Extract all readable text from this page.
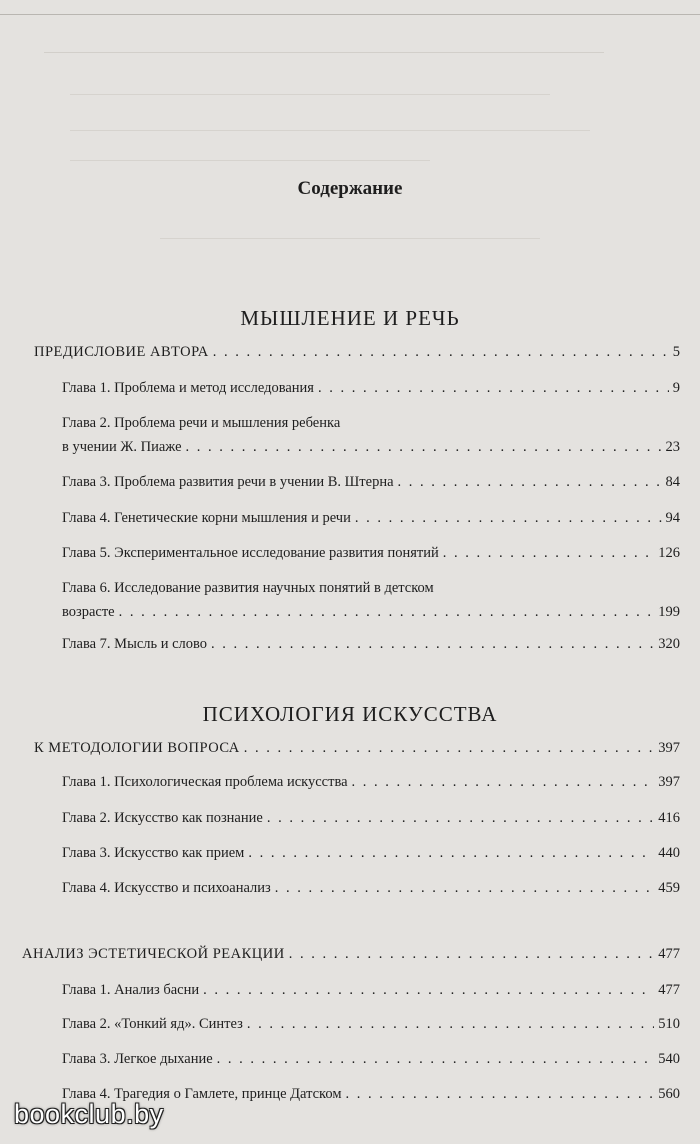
Содержание
МЫШЛЕНИЕ И РЕЧЬ
ПРЕДИСЛОВИЕ АВТОРА . . .	5
Глава 1. Проблема и метод исследования . . .	9
Глава 2. Проблема речи и мышления ребенка
в учении Ж. Пиаже . . .	23
Глава 3. Проблема развития речи в учении В. Штерна . . .	84
Глава 4. Генетические корни мышления и речи . . .	94
Глава 5. Экспериментальное исследование развития понятий . . .	126
Глава 6. Исследование развития научных понятий в детском
возрасте . . .	199
Глава 7. Мысль и слово . . .	320
ПСИХОЛОГИЯ ИСКУССТВА
К МЕТОДОЛОГИИ ВОПРОСА . . .	397
Глава 1. Психологическая проблема искусства . . .	397
Глава 2. Искусство как познание . . .	416
Глава 3. Искусство как прием . . .	440
Глава 4. Искусство и психоанализ . . .	459
АНАЛИЗ ЭСТЕТИЧЕСКОЙ РЕАКЦИИ . . .	477
Глава 1. Анализ басни . . .	477
Глава 2. «Тонкий яд». Синтез . . .	510
Глава 3. Легкое дыхание . . .	540
Глава 4. Трагедия о Гамлете, принце Датском . . .	560
bookclub.by
